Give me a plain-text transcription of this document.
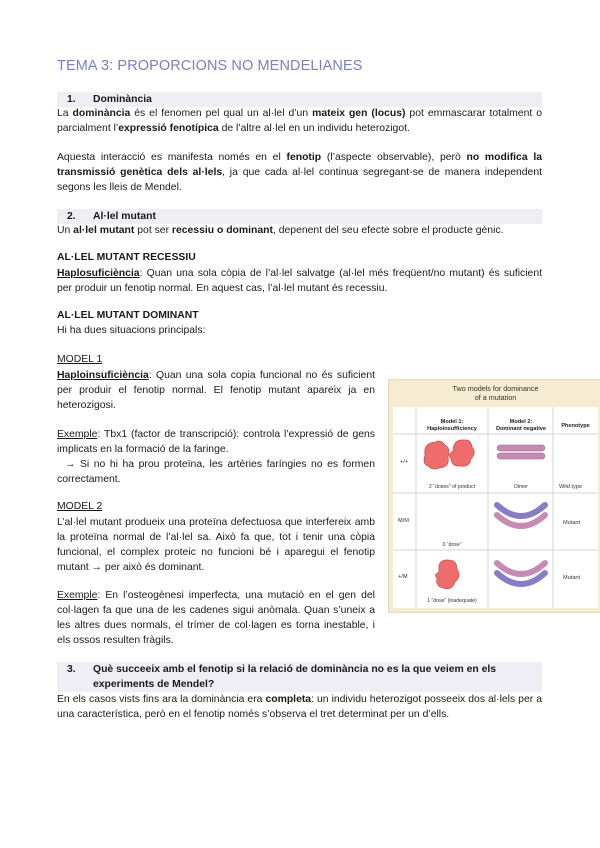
TEMA 3: PROPORCIONS NO MENDELIANES
1. Dominància
La dominància és el fenomen pel qual un al·lel d’un mateix gen (locus) pot emmascarar totalment o parcialment l’expressió fenotípica de l’altre al·lel en un individu heterozigot.
Aquesta interacció es manifesta només en el fenotip (l’aspecte observable), però no modifica la transmissió genètica dels al·lels, ja que cada al·lel continua segregant-se de manera independent segons les lleis de Mendel.
2. Al·lel mutant
Un al·lel mutant pot ser recessiu o dominant, depenent del seu efecte sobre el producte gènic.
AL·LEL MUTANT RECESSIU
Haplosuficiència: Quan una sola còpia de l’al·lel salvatge (al·lel més freqüent/no mutant) és suficient per produir un fenotip normal. En aquest cas, l’al·lel mutant és recessiu.
AL·LEL MUTANT DOMINANT
Hi ha dues situacions principals:
MODEL 1
Haploinsuficiència: Quan una sola copia funcional no és suficient per produir el fenotip normal. El fenotip mutant apareix ja en heterozigosi.
Exemple: Tbx1 (factor de transcripció): controla l’expressió de gens implicats en la formació de la faringe.
→ Si no hi ha prou proteïna, les artèries faríngies no es formen correctament.
MODEL 2
L’al·lel mutant produeix una proteïna defectuosa que interfereix amb la proteïna normal de l’al·lel sa. Això fa que, tot i tenir una còpia funcional, el complex proteic no funcioni bé i aparegui el fenotip mutant → per això és dominant.
Exemple: En l’osteogènesi imperfecta, una mutació en el gen del col·lagen fa que una de les cadenes sigui anòmala. Quan s’uneix a les altres dues normals, el trímer de col·lagen es torna inestable, i els ossos resulten fràgils.
Two models for dominance
of a mutation
Model 1:
Haploinsufficiency
Model 2:
Dominant negative	Phenotype
+/+
M/M
+/M
2 “doses” of product	Dimer
0 “dose”
1 “dose” (inadequate)
Wild type
Mutant
Mutant
3. Què succeeix amb el fenotip si la relació de dominància no es la que veiem en els experiments de Mendel?
En els casos vists fins ara la dominància era completa: un individu heterozigot posseeix dos al·lels per a una característica, però en el fenotip només s’observa el tret determinat per un d’ells.
